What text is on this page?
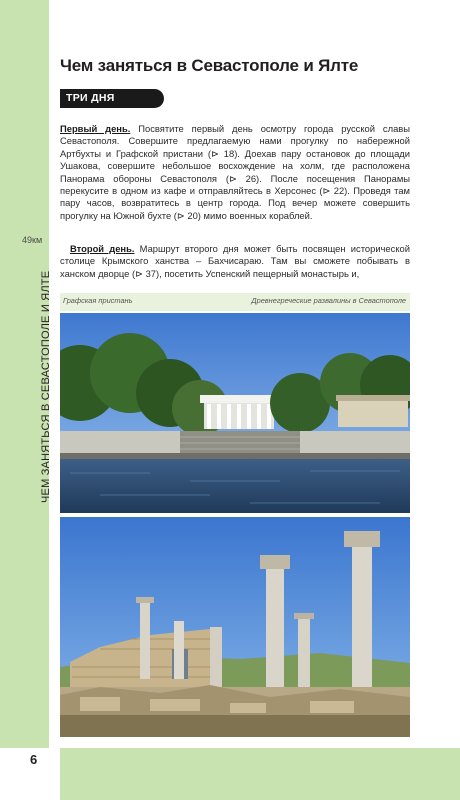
49км
ЧЕМ ЗАНЯТЬСЯ В СЕВАСТОПОЛЕ И ЯЛТЕ
Чем заняться в Севастополе и Ялте
ТРИ ДНЯ

Первый день. Посвятите первый день осмотру города русской славы Севастополя. Совершите предлагаемую нами прогулку по набережной Артбухты и Графской пристани (⊳ 18). Доехав пару остановок до площади Ушакова, совершите небольшое восхождение на холм, где расположена Панорама обороны Севастополя (⊳ 26). После посещения Панорамы перекусите в одном из кафе и отправляйтесь в Херсонес (⊳ 22). Проведя там пару часов, возвратитесь в центр города. Под вечер можете совершить прогулку на Южной бухте (⊳ 20) мимо военных кораблей.

Второй день. Маршрут второго дня может быть посвящен исторической столице Крымского ханства – Бахчисараю. Там вы сможете побывать в ханском дворце (⊳ 37), посетить Успенский пещерный монастырь и,

Графская пристань	Древнегреческие развалины в Севастополе
6
